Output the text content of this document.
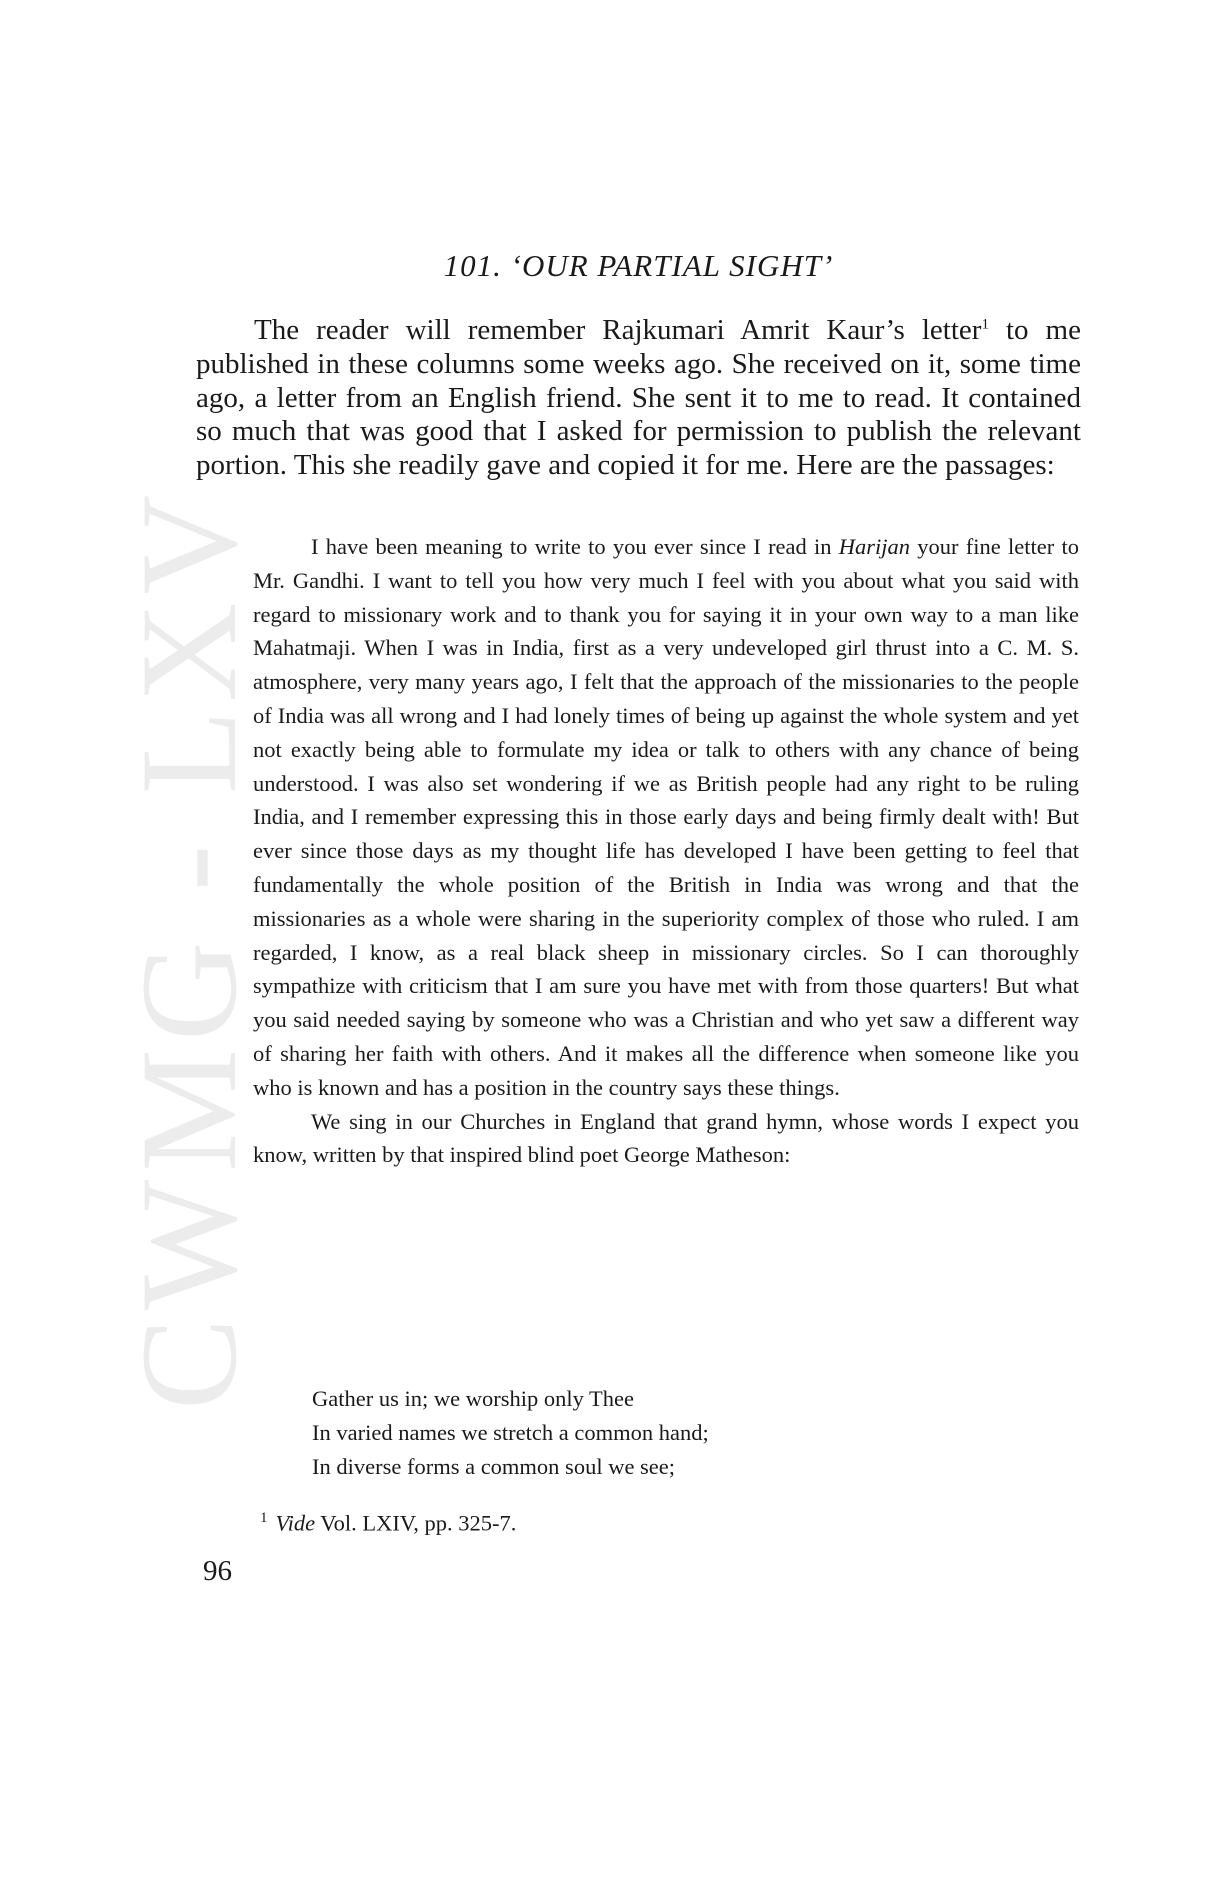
CWMG - LXV
101. ‘OUR PARTIAL SIGHT’

The reader will remember Rajkumari Amrit Kaur’s letter$^1$ to me published in these columns some weeks ago. She received on it, some time ago, a letter from an English friend. She sent it to me to read. It contained so much that was good that I asked for permission to publish the relevant portion. This she readily gave and copied it for me. Here are the passages:

I have been meaning to write to you ever since I read in Harijan your fine letter to Mr. Gandhi. I want to tell you how very much I feel with you about what you said with regard to missionary work and to thank you for saying it in your own way to a man like Mahatmaji. When I was in India, first as a very undeveloped girl thrust into a C. M. S. atmosphere, very many years ago, I felt that the approach of the missionaries to the people of India was all wrong and I had lonely times of being up against the whole system and yet not exactly being able to formulate my idea or talk to others with any chance of being understood. I was also set wondering if we as British people had any right to be ruling India, and I remember expressing this in those early days and being firmly dealt with! But ever since those days as my thought life has developed I have been getting to feel that fundamentally the whole position of the British in India was wrong and that the missionaries as a whole were sharing in the superiority complex of those who ruled. I am regarded, I know, as a real black sheep in missionary circles. So I can thoroughly sympathize with criticism that I am sure you have met with from those quarters! But what you said needed saying by someone who was a Christian and who yet saw a different way of sharing her faith with others. And it makes all the difference when someone like you who is known and has a position in the country says these things.

We sing in our Churches in England that grand hymn, whose words I expect you know, written by that inspired blind poet George Matheson:

Gather us in; we worship only Thee
In varied names we stretch a common hand;
In diverse forms a common soul we see;
$^1$ Vide Vol. LXIV, pp. 325-7.
96
